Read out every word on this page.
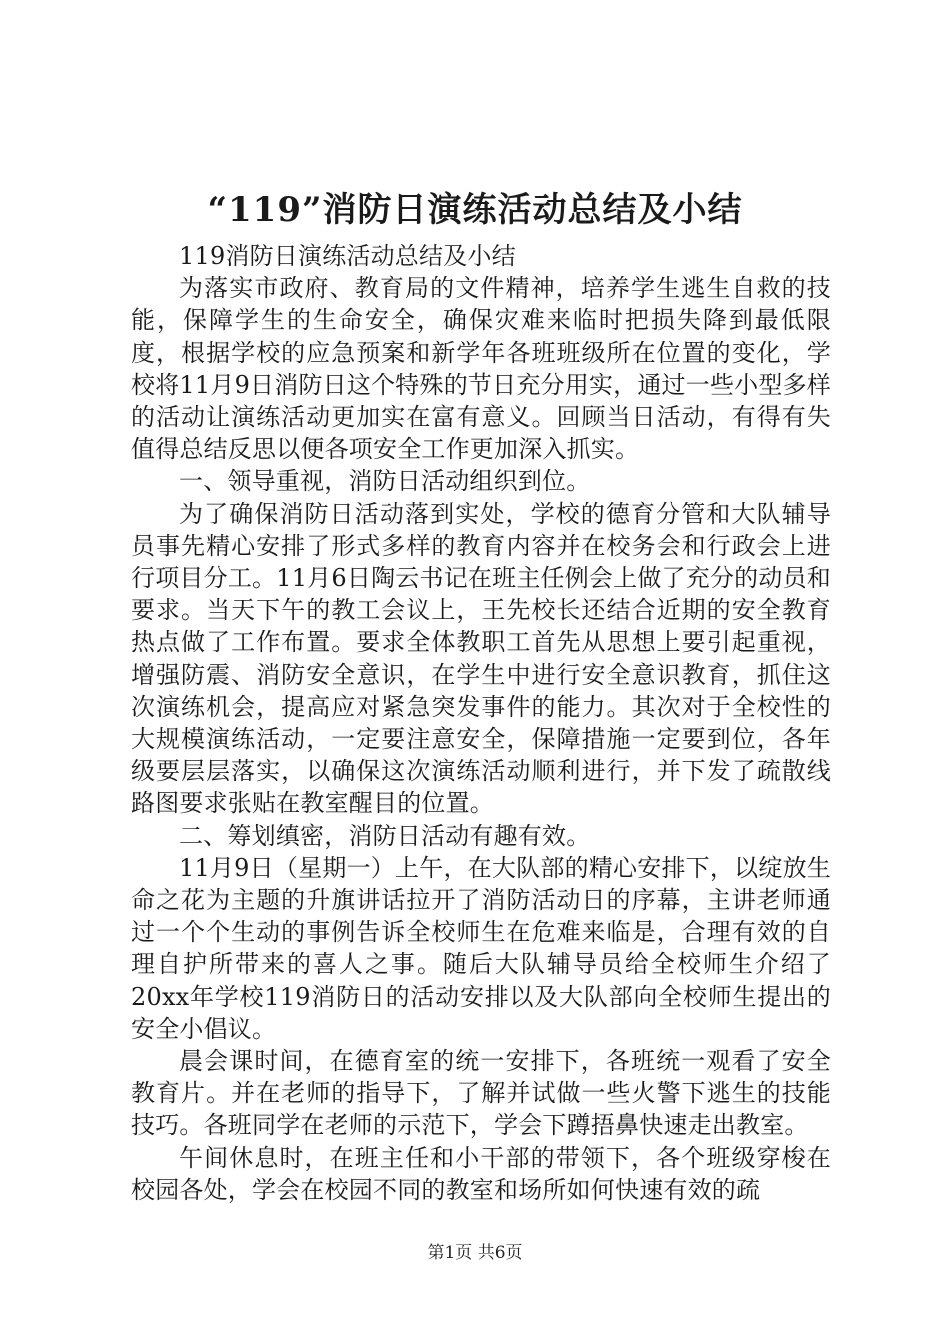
“119”消防日演练活动总结及小结

119消防日演练活动总结及小结

为落实市政府、教育局的文件精神，培养学生逃生自救的技能，保障学生的生命安全，确保灾难来临时把损失降到最低限度，根据学校的应急预案和新学年各班班级所在位置的变化，学校将11月9日消防日这个特殊的节日充分用实，通过一些小型多样的活动让演练活动更加实在富有意义。回顾当日活动，有得有失值得总结反思以便各项安全工作更加深入抓实。

一、领导重视，消防日活动组织到位。

为了确保消防日活动落到实处，学校的德育分管和大队辅导员事先精心安排了形式多样的教育内容并在校务会和行政会上进行项目分工。11月6日陶云书记在班主任例会上做了充分的动员和要求。当天下午的教工会议上，王先校长还结合近期的安全教育热点做了工作布置。要求全体教职工首先从思想上要引起重视，增强防震、消防安全意识，在学生中进行安全意识教育，抓住这次演练机会，提高应对紧急突发事件的能力。其次对于全校性的大规模演练活动，一定要注意安全，保障措施一定要到位，各年级要层层落实，以确保这次演练活动顺利进行，并下发了疏散线路图要求张贴在教室醒目的位置。

二、筹划缜密，消防日活动有趣有效。

11月9日（星期一）上午，在大队部的精心安排下，以绽放生命之花为主题的升旗讲话拉开了消防活动日的序幕，主讲老师通过一个个生动的事例告诉全校师生在危难来临是，合理有效的自理自护所带来的喜人之事。随后大队辅导员给全校师生介绍了20xx年学校119消防日的活动安排以及大队部向全校师生提出的安全小倡议。

晨会课时间，在德育室的统一安排下，各班统一观看了安全教育片。并在老师的指导下，了解并试做一些火警下逃生的技能技巧。各班同学在老师的示范下，学会下蹲捂鼻快速走出教室。

午间休息时，在班主任和小干部的带领下，各个班级穿梭在校园各处，学会在校园不同的教室和场所如何快速有效的疏

第1页 共6页
